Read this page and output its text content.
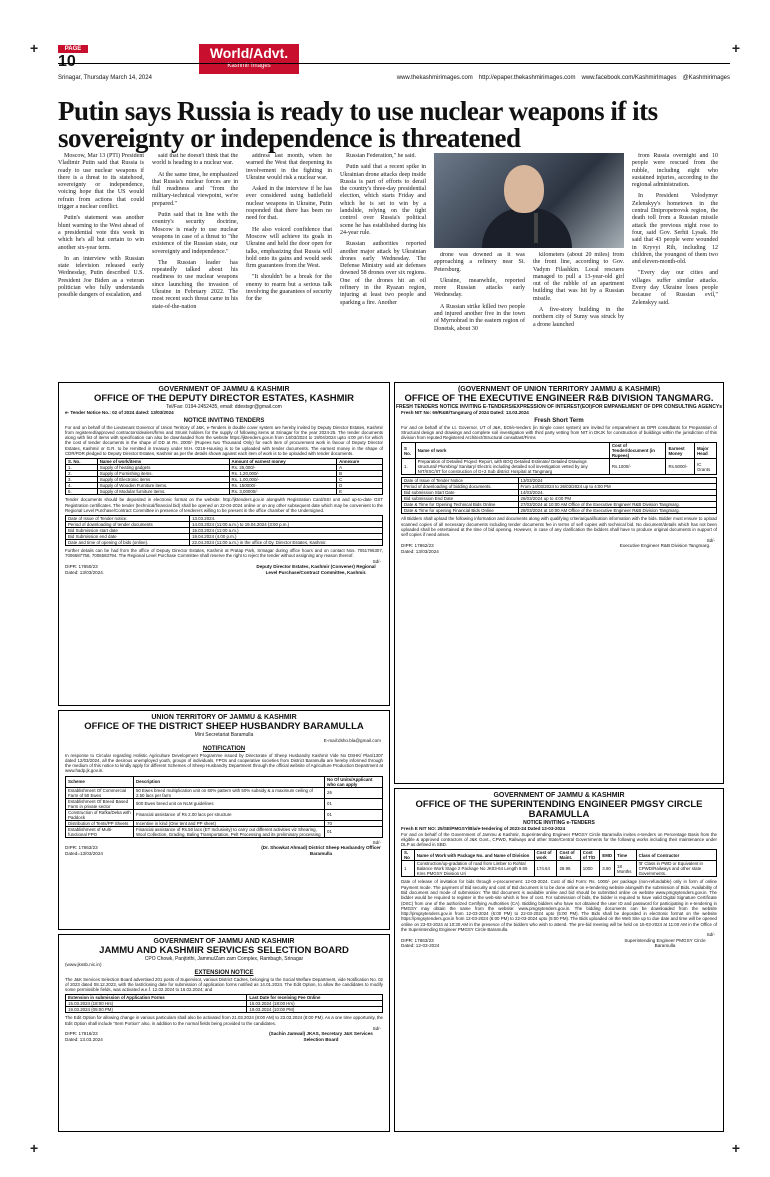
+	+
+	+
PAGE
10	World/Advt.
Kashmir Images
Srinagar, Thursday March 14, 2024	www.thekashmirimages.com http://epaper.thekashmirimages.com www.facebook.com/KashmirImages @Kashmirimages
Putin says Russia is ready to use nuclear weapons if its sovereignty or independence is threatened

Moscow, Mar 13 (PTI) President Vladimir Putin said that Russia is ready to use nuclear weapons if there is a threat to its statehood, sovereignty or independence, voicing hope that the US would refrain from actions that could trigger a nuclear conflict.

Putin's statement was another blunt warning to the West ahead of a presidential vote this week in which he's all but certain to win another six-year term.

In an interview with Russian state television released early Wednesday, Putin described U.S. President Joe Biden as a veteran politician who fully understands possible dangers of escalation, and

said that he doesn't think that the world is heading to a nuclear war.

At the same time, he emphasized that Russia's nuclear forces are in full readiness and "from the military-technical viewpoint, we're prepared."

Putin said that in line with the country's security doctrine, Moscow is ready to use nuclear weapons in case of a threat to "the existence of the Russian state, our sovereignty and independence."

The Russian leader has repeatedly talked about his readiness to use nuclear weapons since launching the invasion of Ukraine in February 2022. The most recent such threat came in his state-of-the-nation

address last month, when he warned the West that deepening its involvement in the fighting in Ukraine would risk a nuclear war.

Asked in the interview if he has ever considered using battlefield nuclear weapons in Ukraine, Putin responded that there has been no need for that.

He also voiced confidence that Moscow will achieve its goals in Ukraine and held the door open for talks, emphasizing that Russia will hold onto its gains and would seek firm guarantees from the West.

"It shouldn't be a break for the enemy to rearm but a serious talk involving the guarantees of security for the

Russian Federation," he said.

Putin said that a recent spike in Ukrainian drone attacks deep inside Russia is part of efforts to derail the country's three-day presidential election, which starts Friday and which he is set to win by a landslide, relying on the tight control over Russia's political scene he has established during his 24-year rule.

Russian authorities reported another major attack by Ukrainian drones early Wednesday. The Defense Ministry said air defenses downed 58 drones over six regions. One of the drones hit an oil refinery in the Ryazan region, injuring at least two people and sparking a fire. Another

drone was downed as it was approaching a refinery near St. Petersburg.

Ukraine, meanwhile, reported more Russian attacks early Wednesday.

A Russian strike killed two people and injured another five in the town of Myrnohrad in the eastern region of Donetsk, about 30

kilometers (about 20 miles) from the front line, according to Gov. Vadym Filashkin. Local rescuers managed to pull a 13-year-old girl out of the rubble of an apartment building that was hit by a Russian missile.

A five-story building in the northern city of Sumy was struck by a drone launched

from Russia overnight and 10 people were rescued from the rubble, including eight who sustained injuries, according to the regional administration.

In President Volodymyr Zelenskyy's hometown in the central Dnipropetrovsk region, the death toll from a Russian missile attack the previous night rose to four, said Gov. Serhii Lysak. He said that 43 people were wounded in Kryvyi Rih, including 12 children, the youngest of them two and eleven-month-old.

"Every day our cities and villages suffer similar attacks. Every day Ukraine loses people because of Russian evil," Zelenskyy said.

GOVERNMENT OF JAMMU & KASHMIR
OFFICE OF THE DEPUTY DIRECTOR ESTATES, KASHMIR
Tel/Fax: 0194-2452435, email: ddestsgr@gmail.com
e- Tender Notice No.: 02 of 2024 dated: 13/03/2024
NOTICE INVITING TENDERS
For and on behalf of the Lieutenant Governor of Union Territory of J&K, e-Tenders in double cover system are hereby invited by Deputy Director Estates, Kashmir from registered/approved contractors/dealers/firms and SI/unit holders for the supply of following items at Srinagar for the year 2024-25. The tender documents along with list of items with specification can also be downloaded from the website https://jktenders.gov.in from 14/03/2024 to 19/04/2024 upto 4:00 pm for which the cost of tender documents in the shape of DD at Rs. 2000/- (Rupees two Thousand Only) for each item of procurement work in favour of Deputy Director Estates, Kashmir or G.R. to be remitted in treasury under M.H. 0216-Housing is to be uploaded with tender documents. The earnest money in the shape of CDR/FDR pledged to Deputy Director Estates, Kashmir as per the details shown against each item of work is to be uploaded with tender documents.
S. No.	Name of work/items	Amount of earnest money	Annexure
1.	Supply of heating gadgets	Rs. 25,000/-	A
2.	Supply of Furnishing items.	Rs. 1,20,000/-	B
3.	Supply of Electronic items	Rs. 1,00,000/-	C
4.	Supply of Wooden Furniture items.	Rs. 150000/-	D
5.	Supply of Modular furniture items.	Rs. 3,00000/-	E
Tender documents should be deposited in electronic format on the website: http://jktenders.gov.in alongwith Registration Card/SSI unit and up-to-date GST Registration certificates. The tender (technical/financial bid) shall be opened on 22-04-2024 online or on any other subsequent date which may be convenient to the Regional Level Purchase/Contract Committee in presence of tenderers willing to be present in the office chamber of the Undersigned.
Date of Issue of Tender notice.	13.03.2024.
Period of downloading of tender documents	14.03.2024 (11:00 a.m.) to 19.04.2024 (3:00 p.m.)
Bid Submission start date	15.03.2024 (11:00 a.m.)
Bid Submission end date	19.04.2024 (4.00 p.m.)
Date and time of opening of bids (online).	22.04.2024 (11:00 a.m.) in the office of Dy. Director Estates, Kashmir.
Further details can be had from the office of Deputy Director Estates, Kashmir at Pratap Park, Srinagar during office hours and on contact Nos. 7051796307, 7006687758, 7006583794. The Regional Level Purchase Committee shall reserve the right to reject the tender without assigning any reason thereof.
Sd/-
DIPR: 17850/23
Dated: 13/03/2024.
Deputy Director Estates, Kashmir (Convener) Regional Level Purchase/Contract Committee, Kashmir.
UNION TERRITORY OF JAMMU & KASHMIR
OFFICE OF THE DISTRICT SHEEP HUSBANDRY BARAMULLA
Mini Secretariat Baramulla
E-mail:dsho.bla@gmail.com
NOTIFICATION
In response to Circular regarding Holistic Agriculture Development Programme issued by Directorate of Sheep Husbandry Kashmir Vide No DSHK/ Plan/1307 dated 12/03/2024, all the desirous unemployed youth, groups of individuals, FPOs and cooperative societies from District Baramulla are hereby informed through the medium of this notice to kindly apply for different Schemes of Sheep Husbandry Department through the official website of Agriculture Production Department at www.hadp.jk.gov.in.
Scheme	Description	No Of Units/Applicant who can apply
Establishment Of Commercial Farm of 50 Ewes	50 Ewes breed multiplication unit on 60% pattern with 50% subsidy & a maximum ceiling of 2.50 lacs per farm	26
Establishment Of Breed Based Farm in private sector	500 Ewes breed unit on NLM guidelines	01
Construction of Rafka/Deka with Paddock	Financial assistance of Rs 2.00 lacs per structure	01
Distribution of Tents/PP Sheets	Incentive in kind (One tent and PP sheet)	70
Establishment of Multi-functional FPO	Financial assistance of Rs.50 lacs (ET Inclusivity) to carry out different activities viz Shearing, Wool Collection, Grading, Baling Transportation, Pelt Processing and its preliminary processing	01
Sd/-
DIPR: 17863/23
Dated=13/03/2024
(Dr. Showkat Ahmad) District Sheep Husbandry Officer Baramulla
GOVERNMENT OF JAMMU AND KASHMIR
JAMMU AND KASHMIR SERVICES SELECTION BOARD
CPO Chowk, Panjtirthi, Jammu/Zam zam Complex, Rambagh, Srinagar
(www.jkssb.nic.in)
EXTENSION NOTICE
The J&K Services Selection Board advertised 201 posts of Supervisor, various District Cadres, belonging to the Social Welfare Department, vide Notification No. 02 of 2023 dated 08.12.2023, with the last/closing date for submission of application forms notified as 14.01.2024. The Edit Option, to allow the candidates to modify some permissible fields, was activated w.e.f. 12.02.2024 to 16.02.2024; and
Extension in submission of Application Forms	Last Date for receiving Fee Online
15.03.2024 (18:00 Hrs)	15.03.2024 (18:00 Hrs)
19.03.2024 (05:00 PM)	19.03.2024 (10:00 PM)
The Edit Option for allowing change in various particulars shall also be activated from 21.03.2024 (8:00 AM) to 23.03.2024 (8:00 PM). As a one time opportunity, the Edit Option shall include "Item Portion" also, in addition to the normal fields being provided to the candidates.
Sd/-
DIPR: 17816/23
Dated: 13.03.2024
(Sachin Jamwal) JKAS, Secretary J&K Services Selection Board
(GOVERNMENT OF UNION TERRITORY JAMMU & KASHMIR)
OFFICE OF THE EXECUTIVE ENGINEER R&B DIVISION TANGMARG.
FRESH TENDERS NOTICE INVITING E-TENDERS/EXPRESSION OF INTEREST(EOI)FOR EMPANELMENT OF DPR CONSULTING AGENCYs
Fresh NIT No: 69/R&B/Tangmarg of 2024 Dated: 13.03.2024
Fresh Short Term
For and on behalf of the Lt. Governor, UT of J&K, EOI/e-tenders (in Single cover system) are invited for empanelment as DPR consultants for Preparation of Structural design and drawings and complete soil investigation with third party vetting from NIT in DKJK for construction of buildings within the jurisdiction of this division from reputed Registered Architect/Structural consultant/Firms
S No.	Name of work	Cost of Tender/document (in Rupees)	Earnest Money	Major Head
1.	Preparation of Detailed Project Report, with BOQ Detailed Estimate/ Detailed Drawings structural/ Plumbing/ Sanitary/ Electric including detailed soil investigation vetted by any NIT/IISC/IIT for construction of G+2 Sub district Hospital at Tangmarg	Rs.1000/-	Rs.5000/-	IC Grants
Date of Issue of Tender Notice	13/03/2024
Period of downloading of bidding documents.	From 14/03/2024 to 26/03/2024 up to 4:00 PM
Bid submission Start Date	14/03/2024.
Bid submission End Date	26/03/2024 up to 4:00 PM
Date & Time for Opening Technical Bids Online	27/03/2024 at 10:00 AM Office of the Executive Engineer R&B Division Tangmarg.
Date & Time for opening Financial Bids Online	28/03/2024 at 10:00 AM Office of the Executive Engineer R&B Division Tangmarg.
All Bidders shall upload the following information and documents along with qualifying criteria/qualification information with the bids. Bidder must ensure to upload scanned copies of all necessary documents including tender documents fee in terms of self copies with technical bid. No document/details which has not been uploaded shall be entertained at the time of bid opening. However, in case of any clarification the bidders shall have to produce original documents in support of self copies if need arises.
Sd/-
DIPR: 17862/23
Dated: 13/03/2024
Executive Engineer R&B Division Tangmarg.
GOVERNMENT OF JAMMU & KASHMIR
OFFICE OF THE SUPERINTENDING ENGINEER PMGSY CIRCLE BARAMULLA
NOTICE INVITING e-TENDERS
Fresh E NIT NO: 25/SE/PMGSY/Bla/e-tendering of 2023-24 Dated 12-03-2024
For and on behalf of the Government of Jammu & Kashmir, Superintending Engineer PMGSY Circle Baramulla invites e-tenders on Percentage Basis from the eligible & approved contractors of J&K Govt., CPWD, Railways and other State/Central Governments for the following works including their maintenance under DLP as defined in SBD.
S. No	Name of Work with Package No. and Name of Division	Cost of work	Cost of Maint.	Cost of T/D	EMD	Time	Class of Contractor
1	Construction/up-gradation of road from Limber to Rohtal Balance Work Stage 2 Package No JK03-64 Length 9.55 Kms PMGSY Division Uri	174.64	28.96	1000	3.80	18 Months	'B' Class in PWD or Equivalent in CPWD/Railways and other state Governments.
Date of release of invitation for bids through e-procurement: 12-03-2024. Cost of Bid Form: Rs. 1000/- per package (non-refundable) only in form of online Payment mode. The payment of Bid security and cost of Bid document is to be done online on e-tendering website alongwith the submission of Bids. Availability of Bid document and mode of submission: The Bid document is available online and bid should be submitted online on website www.pmgsytenders.gov.in. The bidder would be required to register in the web-site which is free of cost. For submission of bids, the bidder is required to have valid Digital Signature Certificate (DSC) from one of the authorized Certifying Authorities (CA). Bidding bidders who have not obtained the user ID and password for participating in e-tendering in PMGSY may obtain the same from the website: www.pmgsytenders.gov.in. The bidding documents can be downloaded from the website http://pmgsytenders.gov.in from 12-03-2024 (6:00 PM) to 22-03-2024 upto (5:00 PM). The Bids shall be deposited in electronic format on the website https://pmgsytenders.gov.in from 12-03-2024 (6:00 PM) to 22-03-2024 upto (5:00 PM). The Bids uploaded on the Web Site up to due date and time will be opened online on 23-03-2024 at 10:30 AM in the presence of the bidders who wish to attend. The pre-bid meeting will be held on 15-03-2024 at 11:00 AM in the Office of the Superintending Engineer PMGSY Circle Baramulla.
Sd/-
DIPR: 17863/23
Dated: 12-03-2024
Superintending Engineer PMGSY Circle Baramulla
